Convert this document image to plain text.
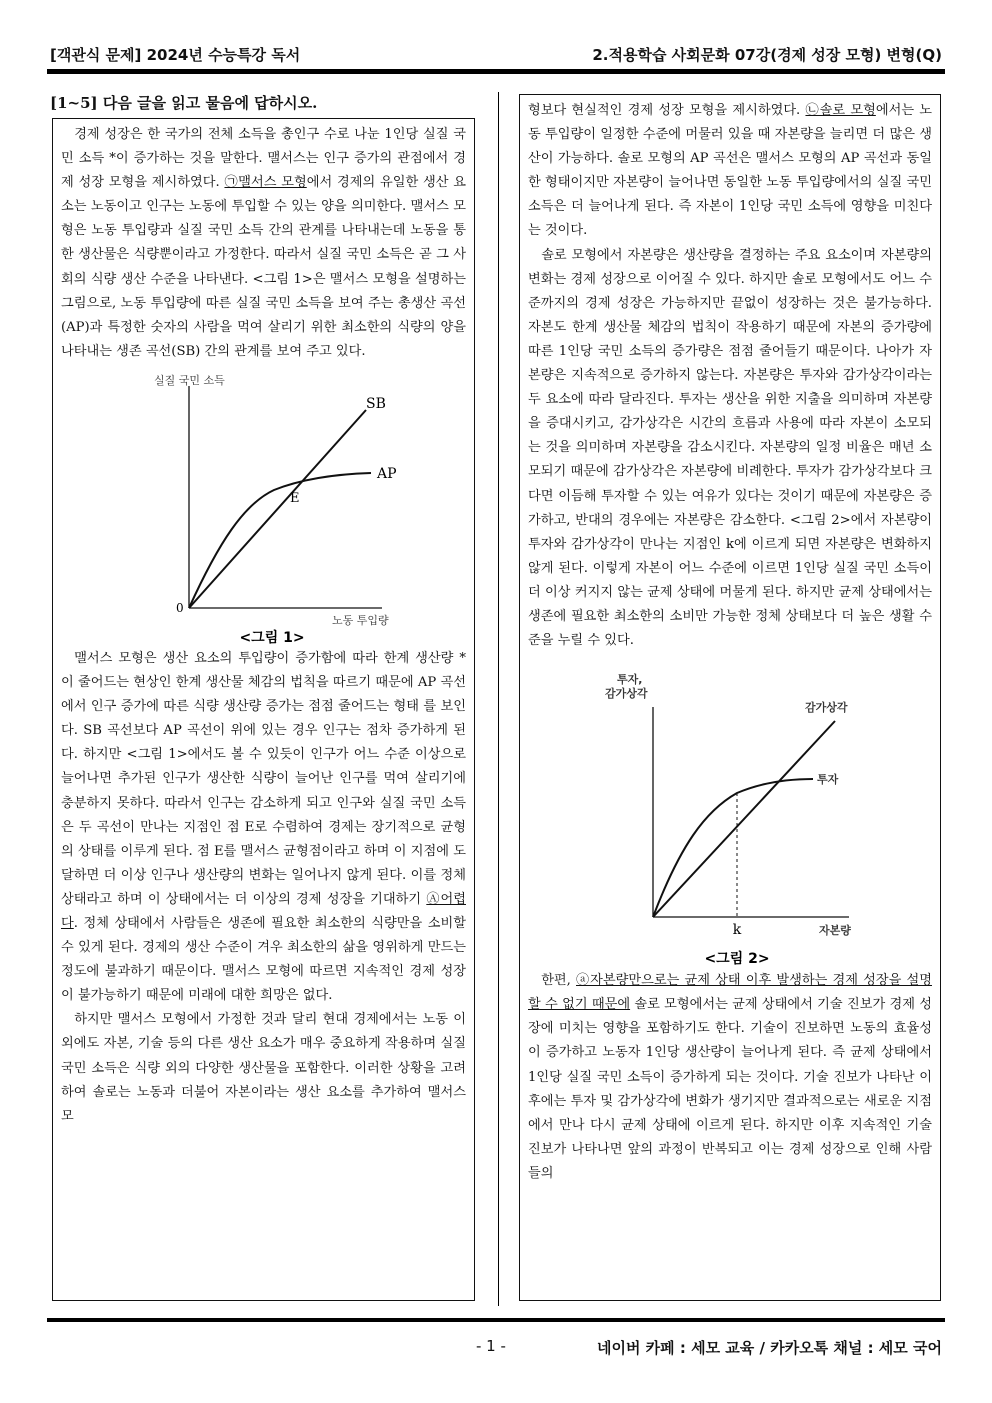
[객관식 문제] 2024년 수능특강 독서	2.적용학습 사회문화 07강(경제 성장 모형) 변형(Q)
[1~5] 다음 글을 읽고 물음에 답하시오.

경제 성장은 한 국가의 전체 소득을 총인구 수로 나눈 1인당 실질 국민 소득 *이 증가하는 것을 말한다. 맬서스는 인구 증가의 관점에서 경제 성장 모형을 제시하였다. ㉠맬서스 모형에서 경제의 유일한 생산 요소는 노동이고 인구는 노동에 투입할 수 있는 양을 의미한다. 맬서스 모형은 노동 투입량과 실질 국민 소득 간의 관계를 나타내는데 노동을 통한 생산물은 식량뿐이라고 가정한다. 따라서 실질 국민 소득은 곧 그 사회의 식량 생산 수준을 나타낸다. <그림 1>은 맬서스 모형을 설명하는 그림으로, 노동 투입량에 따른 실질 국민 소득을 보여 주는 총생산 곡선(AP)과 특정한 숫자의 사람을 먹여 살리기 위한 최소한의 식량의 양을 나타내는 생존 곡선(SB) 간의 관계를 보여 주고 있다.

실질 국민 소득
SB
AP
E
0
노동 투입량
<그림 1>

맬서스 모형은 생산 요소의 투입량이 증가함에 따라 한계 생산량 * 이 줄어드는 현상인 한계 생산물 체감의 법칙을 따르기 때문에 AP 곡선에서 인구 증가에 따른 식량 생산량 증가는 점점 줄어드는 형태 를 보인다. SB 곡선보다 AP 곡선이 위에 있는 경우 인구는 점차 증가하게 된다. 하지만 <그림 1>에서도 볼 수 있듯이 인구가 어느 수준 이상으로 늘어나면 추가된 인구가 생산한 식량이 늘어난 인구를 먹여 살리기에 충분하지 못하다. 따라서 인구는 감소하게 되고 인구와 실질 국민 소득은 두 곡선이 만나는 지점인 점 E로 수렴하여 경제는 장기적으로 균형의 상태를 이루게 된다. 점 E를 맬서스 균형점이라고 하며 이 지점에 도달하면 더 이상 인구나 생산량의 변화는 일어나지 않게 된다. 이를 정체 상태라고 하며 이 상태에서는 더 이상의 경제 성장을 기대하기 Ⓐ어렵다. 정체 상태에서 사람들은 생존에 필요한 최소한의 식량만을 소비할 수 있게 된다. 경제의 생산 수준이 겨우 최소한의 삶을 영위하게 만드는 정도에 불과하기 때문이다. 맬서스 모형에 따르면 지속적인 경제 성장이 불가능하기 때문에 미래에 대한 희망은 없다.

하지만 맬서스 모형에서 가정한 것과 달리 현대 경제에서는 노동 이외에도 자본, 기술 등의 다른 생산 요소가 매우 중요하게 작용하며 실질 국민 소득은 식량 외의 다양한 생산물을 포함한다. 이러한 상황을 고려하여 솔로는 노동과 더불어 자본이라는 생산 요소를 추가하여 맬서스 모

형보다 현실적인 경제 성장 모형을 제시하였다. ㉡솔로 모형에서는 노동 투입량이 일정한 수준에 머물러 있을 때 자본량을 늘리면 더 많은 생산이 가능하다. 솔로 모형의 AP 곡선은 맬서스 모형의 AP 곡선과 동일한 형태이지만 자본량이 늘어나면 동일한 노동 투입량에서의 실질 국민 소득은 더 늘어나게 된다. 즉 자본이 1인당 국민 소득에 영향을 미친다는 것이다.

솔로 모형에서 자본량은 생산량을 결정하는 주요 요소이며 자본량의 변화는 경제 성장으로 이어질 수 있다. 하지만 솔로 모형에서도 어느 수준까지의 경제 성장은 가능하지만 끝없이 성장하는 것은 불가능하다. 자본도 한계 생산물 체감의 법칙이 작용하기 때문에 자본의 증가량에 따른 1인당 국민 소득의 증가량은 점점 줄어들기 때문이다. 나아가 자본량은 지속적으로 증가하지 않는다. 자본량은 투자와 감가상각이라는 두 요소에 따라 달라진다. 투자는 생산을 위한 지출을 의미하며 자본량을 증대시키고, 감가상각은 시간의 흐름과 사용에 따라 자본이 소모되는 것을 의미하며 자본량을 감소시킨다. 자본량의 일정 비율은 매년 소모되기 때문에 감가상각은 자본량에 비례한다. 투자가 감가상각보다 크다면 이듬해 투자할 수 있는 여유가 있다는 것이기 때문에 자본량은 증가하고, 반대의 경우에는 자본량은 감소한다. <그림 2>에서 자본량이 투자와 감가상각이 만나는 지점인 k에 이르게 되면 자본량은 변화하지 않게 된다. 이렇게 자본이 어느 수준에 이르면 1인당 실질 국민 소득이 더 이상 커지지 않는 균제 상태에 머물게 된다. 하지만 균제 상태에서는 생존에 필요한 최소한의 소비만 가능한 정체 상태보다 더 높은 생활 수준을 누릴 수 있다.

투자,
감가상각
감가상각
투자
k	자본량
<그림 2>

한편, ⓐ자본량만으로는 균제 상태 이후 발생하는 경제 성장을 설명할 수 없기 때문에 솔로 모형에서는 균제 상태에서 기술 진보가 경제 성장에 미치는 영향을 포함하기도 한다. 기술이 진보하면 노동의 효율성이 증가하고 노동자 1인당 생산량이 늘어나게 된다. 즉 균제 상태에서 1인당 실질 국민 소득이 증가하게 되는 것이다. 기술 진보가 나타난 이후에는 투자 및 감가상각에 변화가 생기지만 결과적으로는 새로운 지점에서 만나 다시 균제 상태에 이르게 된다. 하지만 이후 지속적인 기술 진보가 나타나면 앞의 과정이 반복되고 이는 경제 성장으로 인해 사람들의

- 1 -	네이버 카페 : 세모 교육 / 카카오톡 채널 : 세모 국어
